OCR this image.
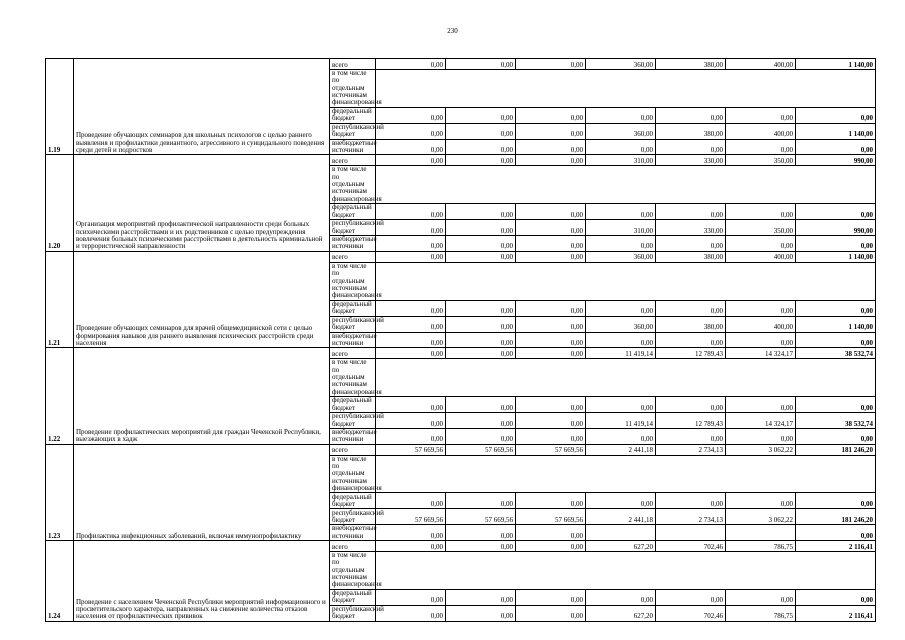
230
1.19	Проведение обучающих семинаров для школьных психологов с целью раннего выявления и профилактики девиантного, агрессивного и суицидального поведения среди детей и подростков	всего	0,00	0,00	0,00	360,00	380,00	400,00	1 140,00
		в том числе по отдельным источникам финансирования							
		федеральный бюджет	0,00	0,00	0,00	0,00	0,00	0,00	0,00
		республиканский бюджет	0,00	0,00	0,00	360,00	380,00	400,00	1 140,00
		внебюджетные источники	0,00	0,00	0,00	0,00	0,00	0,00	0,00
1.20	Организация мероприятий профилактической направленности среди больных психическими расстройствами и их родственников с целью предупреждения вовлечения больных психическими расстройствами в деятельность криминальной и террористической направленности	всего	0,00	0,00	0,00	310,00	330,00	350,00	990,00
		в том числе по отдельным источникам финансирования							
		федеральный бюджет	0,00	0,00	0,00	0,00	0,00	0,00	0,00
		республиканский бюджет	0,00	0,00	0,00	310,00	330,00	350,00	990,00
		внебюджетные источники	0,00	0,00	0,00	0,00	0,00	0,00	0,00
1.21	Проведение обучающих семинаров для врачей общемедицинской сети с целью формирования навыков для раннего выявления психических расстройств среди населения	всего	0,00	0,00	0,00	360,00	380,00	400,00	1 140,00
		в том числе по отдельным источникам финансирования							
		федеральный бюджет	0,00	0,00	0,00	0,00	0,00	0,00	0,00
		республиканский бюджет	0,00	0,00	0,00	360,00	380,00	400,00	1 140,00
		внебюджетные источники	0,00	0,00	0,00	0,00	0,00	0,00	0,00
1.22	Проведение профилактических мероприятий для граждан Чеченской Республики, выезжающих в хадж	всего	0,00	0,00	0,00	11 419,14	12 789,43	14 324,17	38 532,74
		в том числе по отдельным источникам финансирования							
		федеральный бюджет	0,00	0,00	0,00	0,00	0,00	0,00	0,00
		республиканский бюджет	0,00	0,00	0,00	11 419,14	12 789,43	14 324,17	38 532,74
		внебюджетные источники	0,00	0,00	0,00	0,00	0,00	0,00	0,00
1.23	Профилактика инфекционных заболеваний, включая иммунопрофилактику	всего	57 669,56	57 669,56	57 669,56	2 441,18	2 734,13	3 062,22	181 246,20
		в том числе по отдельным источникам финансирования							
		федеральный бюджет	0,00	0,00	0,00	0,00	0,00	0,00	0,00
		республиканский бюджет	57 669,56	57 669,56	57 669,56	2 441,18	2 734,13	3 062,22	181 246,20
		внебюджетные источники	0,00	0,00	0,00				0,00
1.24	Проведение с населением Чеченской Республики мероприятий информационного и просветительского характера, направленных на снижение количества отказов населения от профилактических прививок	всего	0,00	0,00	0,00	627,20	702,46	786,75	2 116,41
		в том числе по отдельным источникам финансирования							
		федеральный бюджет	0,00	0,00	0,00	0,00	0,00	0,00	0,00
		республиканский бюджет	0,00	0,00	0,00	627,20	702,46	786,75	2 116,41
